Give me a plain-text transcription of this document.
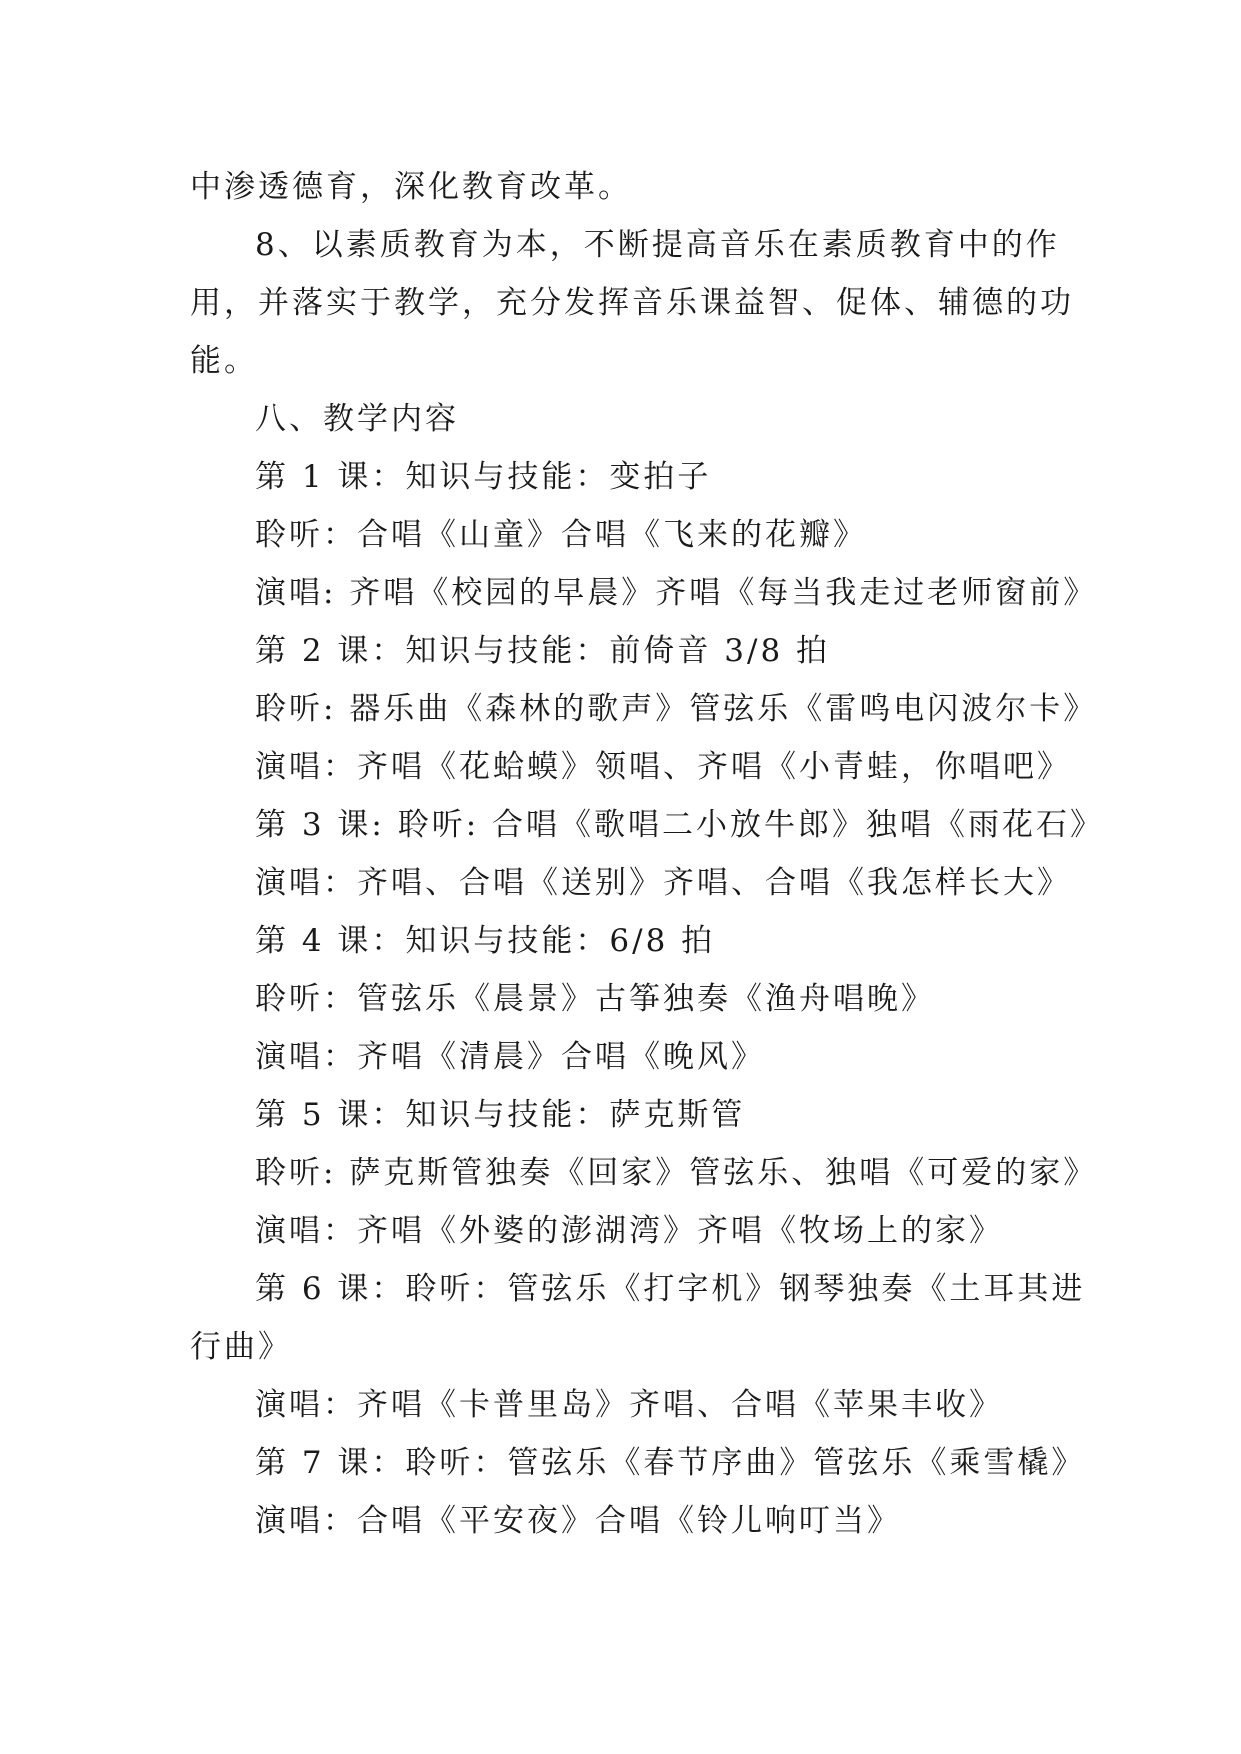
中渗透德育，深化教育改革。
8、以素质教育为本，不断提高音乐在素质教育中的作
用，并落实于教学，充分发挥音乐课益智、促体、辅德的功
能。
八、教学内容
第 1 课：知识与技能：变拍子
聆听：合唱《山童》合唱《飞来的花瓣》
演唱: 齐唱《校园的早晨》齐唱《每当我走过老师窗前》
第 2 课：知识与技能：前倚音 3/8 拍
聆听: 器乐曲《森林的歌声》管弦乐《雷鸣电闪波尔卡》
演唱：齐唱《花蛤蟆》领唱、齐唱《小青蛙，你唱吧》
第 3 课: 聆听: 合唱《歌唱二小放牛郎》独唱《雨花石》
演唱：齐唱、合唱《送别》齐唱、合唱《我怎样长大》
第 4 课：知识与技能：6/8 拍
聆听：管弦乐《晨景》古筝独奏《渔舟唱晚》
演唱：齐唱《清晨》合唱《晚风》
第 5 课：知识与技能：萨克斯管
聆听: 萨克斯管独奏《回家》管弦乐、独唱《可爱的家》
演唱：齐唱《外婆的澎湖湾》齐唱《牧场上的家》
第 6 课：聆听：管弦乐《打字机》钢琴独奏《土耳其进
行曲》
演唱：齐唱《卡普里岛》齐唱、合唱《苹果丰收》
第 7 课：聆听：管弦乐《春节序曲》管弦乐《乘雪橇》
演唱：合唱《平安夜》合唱《铃儿响叮当》
